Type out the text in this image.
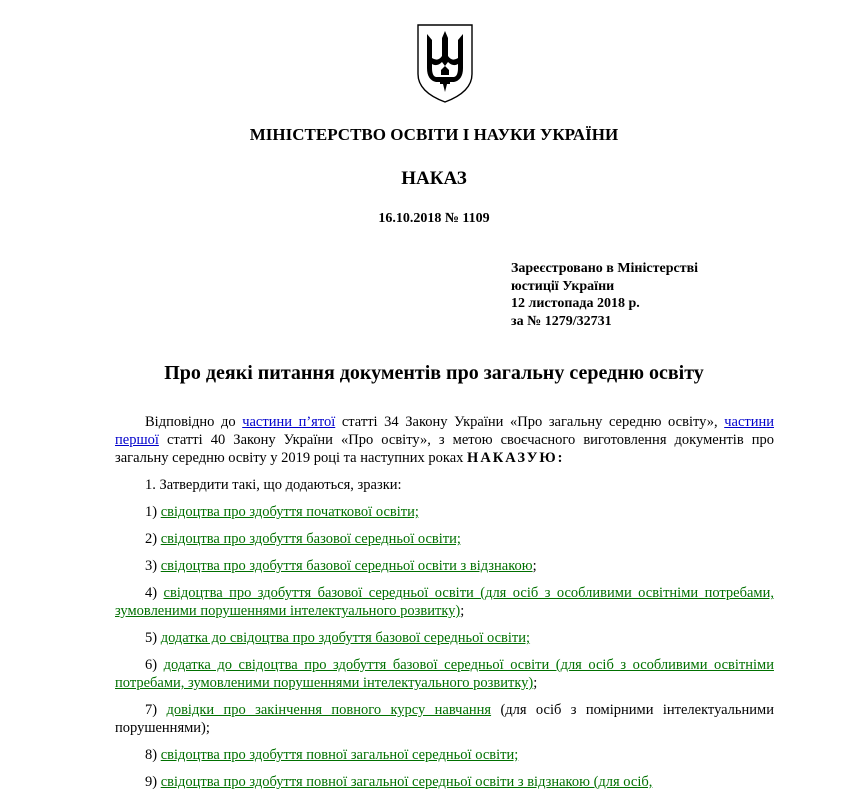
МІНІСТЕРСТВО ОСВІТИ І НАУКИ УКРАЇНИ
НАКАЗ
16.10.2018 № 1109
Зареєстровано в Міністерстві
юстиції України
12 листопада 2018 р.
за № 1279/32731
Про деякі питання документів про загальну середню освіту

Відповідно до частини п’ятої статті 34 Закону України «Про загальну середню освіту», частини першої статті 40 Закону України «Про освіту», з метою своєчасного виготовлення документів про загальну середню освіту у 2019 році та наступних роках НАКАЗУЮ:

1. Затвердити такі, що додаються, зразки:

1) свідоцтва про здобуття початкової освіти;

2) свідоцтва про здобуття базової середньої освіти;

3) свідоцтва про здобуття базової середньої освіти з відзнакою;

4) свідоцтва про здобуття базової середньої освіти (для осіб з особливими освітніми потребами, зумовленими порушеннями інтелектуального розвитку);

5) додатка до свідоцтва про здобуття базової середньої освіти;

6) додатка до свідоцтва про здобуття базової середньої освіти (для осіб з особливими освітніми потребами, зумовленими порушеннями інтелектуального розвитку);

7) довідки про закінчення повного курсу навчання (для осіб з помірними інтелектуальними порушеннями);

8) свідоцтва про здобуття повної загальної середньої освіти;

9) свідоцтва про здобуття повної загальної середньої освіти з відзнакою (для осіб,
